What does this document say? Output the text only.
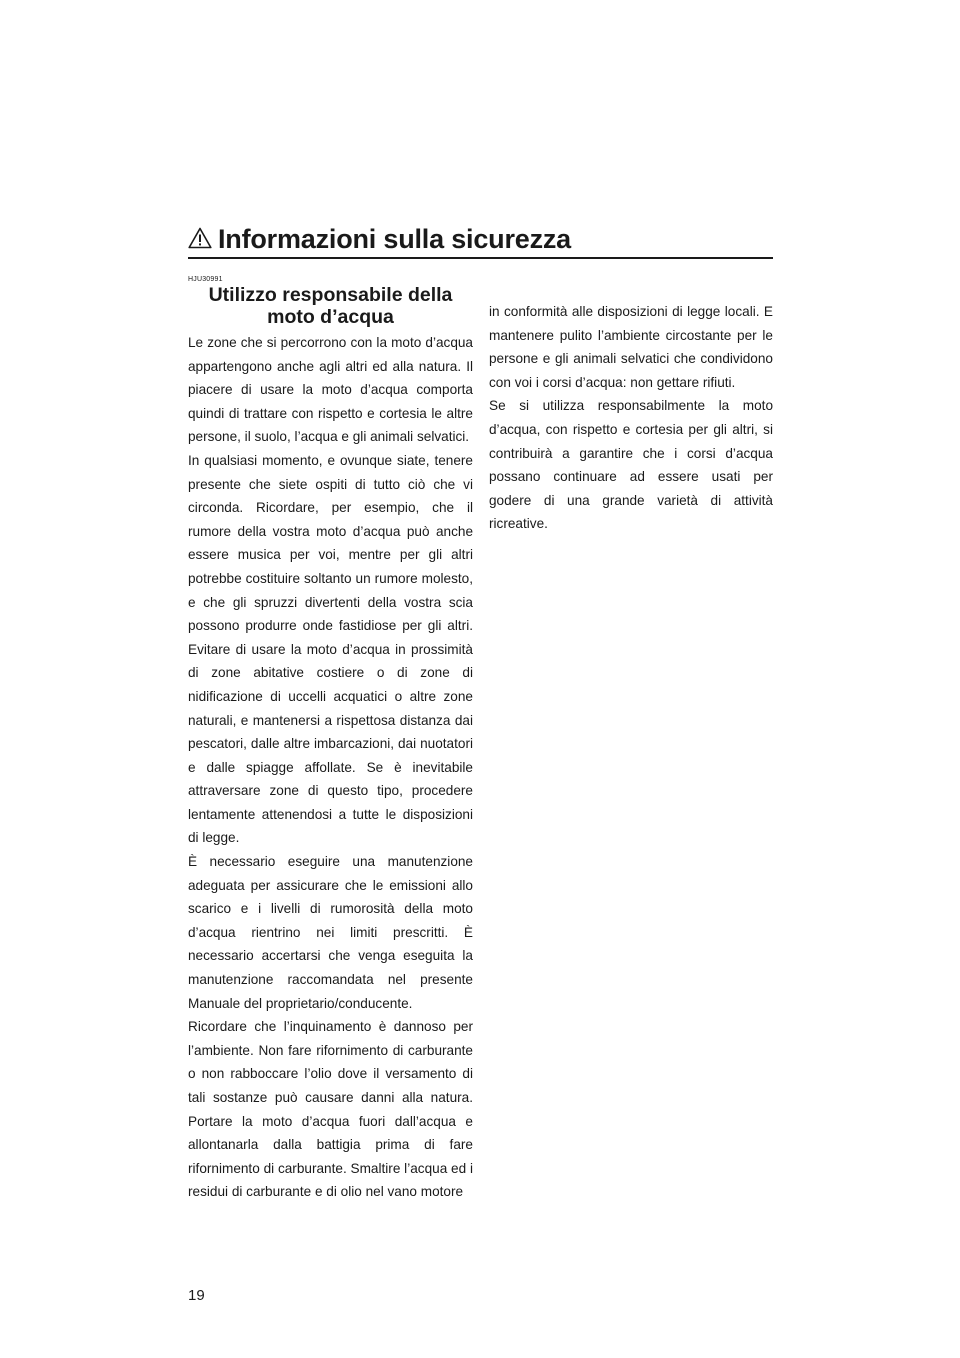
Informazioni sulla sicurezza
HJU30991
Utilizzo responsabile della
moto d’acqua

Le zone che si percorrono con la moto d’acqua appartengono anche agli altri ed alla natura. Il piacere di usare la moto d’acqua comporta quindi di trattare con rispetto e cortesia le altre persone, il suolo, l’acqua e gli animali selvatici.

In qualsiasi momento, e ovunque siate, tenere presente che siete ospiti di tutto ciò che vi circonda. Ricordare, per esempio, che il rumore della vostra moto d’acqua può anche essere musica per voi, mentre per gli altri potrebbe costituire soltanto un rumore molesto, e che gli spruzzi divertenti della vostra scia possono produrre onde fastidiose per gli altri. Evitare di usare la moto d’acqua in prossimità di zone abitative costiere o di zone di nidificazione di uccelli acquatici o altre zone naturali, e mantenersi a rispettosa distanza dai pescatori, dalle altre imbarcazioni, dai nuotatori e dalle spiagge affollate. Se è inevitabile attraversare zone di questo tipo, procedere lentamente attenendosi a tutte le disposizioni di legge.

È necessario eseguire una manutenzione adeguata per assicurare che le emissioni allo scarico e i livelli di rumorosità della moto d’acqua rientrino nei limiti prescritti. È necessario accertarsi che venga eseguita la manutenzione raccomandata nel presente Manuale del proprietario/conducente.

Ricordare che l’inquinamento è dannoso per l’ambiente. Non fare rifornimento di carburante o non rabboccare l’olio dove il versamento di tali sostanze può causare danni alla natura. Portare la moto d’acqua fuori dall’acqua e allontanarla dalla battigia prima di fare rifornimento di carburante. Smaltire l’acqua ed i residui di carburante e di olio nel vano motore

in conformità alle disposizioni di legge locali. E mantenere pulito l’ambiente circostante per le persone e gli animali selvatici che condividono con voi i corsi d’acqua: non gettare rifiuti.

Se si utilizza responsabilmente la moto d’acqua, con rispetto e cortesia per gli altri, si contribuirà a garantire che i corsi d’acqua possano continuare ad essere usati per godere di una grande varietà di attività ricreative.

19
